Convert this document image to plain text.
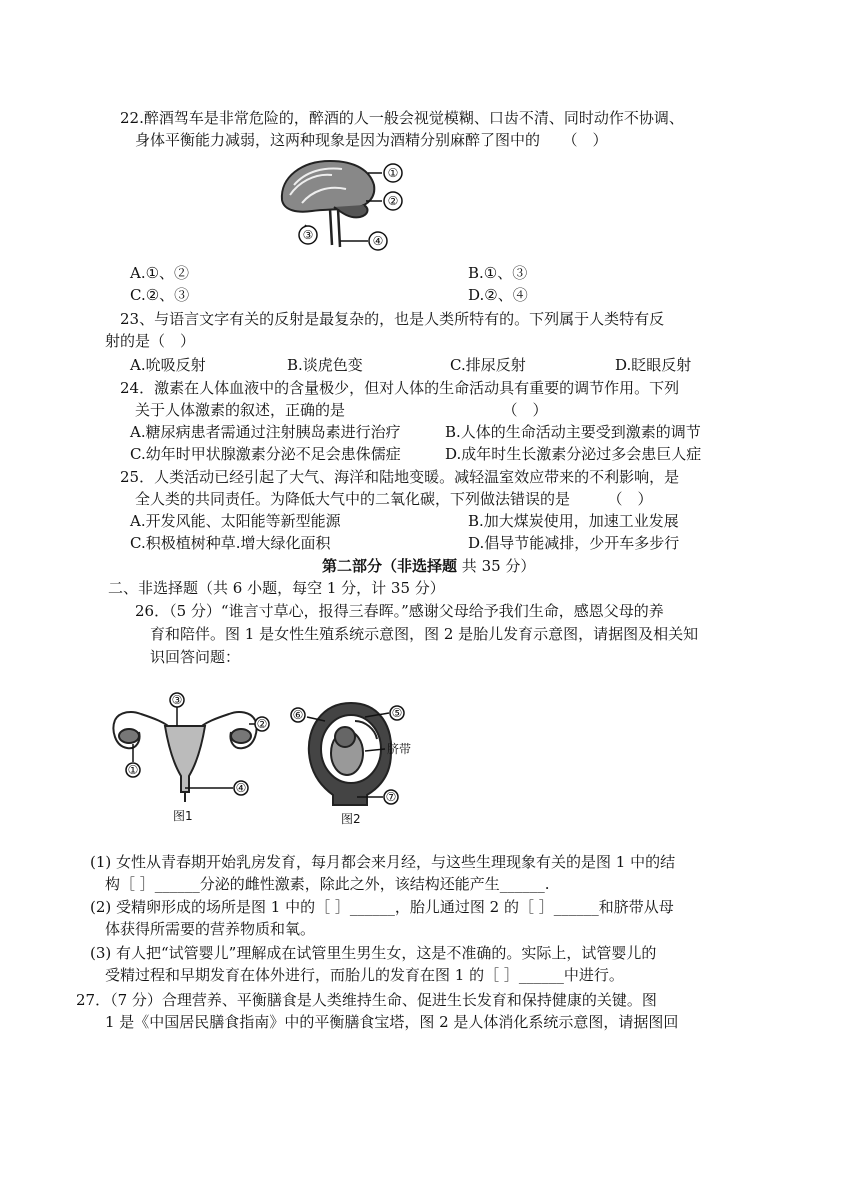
22.醉酒驾车是非常危险的，醉酒的人一般会视觉模糊、口齿不清、同时动作不协调、
身体平衡能力减弱，这两种现象是因为酒精分别麻醉了图中的　　（　）
①
②
③	④
A.①、②	B.①、③
C.②、③	D.②、④
23、与语言文字有关的反射是最复杂的，也是人类所特有的。下列属于人类特有反
射的是（　）
A.吮吸反射	B.谈虎色变	C.排尿反射	D.眨眼反射
24．激素在人体血液中的含量极少，但对人体的生命活动具有重要的调节作用。下列
关于人体激素的叙述，正确的是　　　　　　　　　　　（　）
A.糖尿病患者需通过注射胰岛素进行治疗	B.人体的生命活动主要受到激素的调节
C.幼年时甲状腺激素分泌不足会患侏儒症	D.成年时生长激素分泌过多会患巨人症
25．人类活动已经引起了大气、海洋和陆地变暖。减轻温室效应带来的不利影响，是
全人类的共同责任。为降低大气中的二氧化碳，下列做法错误的是　　　（　）
A.开发风能、太阳能等新型能源	B.加大煤炭使用，加速工业发展
C.积极植树种草.增大绿化面积	D.倡导节能减排，少开车多步行
第二部分（非选择题 共 35 分）
二、非选择题（共 6 小题，每空 1 分，计 35 分）
26．（5 分）“谁言寸草心，报得三春晖。”感谢父母给予我们生命，感恩父母的养
育和陪伴。图 1 是女性生殖系统示意图，图 2 是胎儿发育示意图，请据图及相关知
识回答问题：
③
②
①
④
图1
⑥	⑤
脐带
⑦
图2
(1) 女性从青春期开始乳房发育，每月都会来月经，与这些生理现象有关的是图 1 中的结
构［ ］______分泌的雌性激素，除此之外，该结构还能产生______.
(2) 受精卵形成的场所是图 1 中的［ ］______，胎儿通过图 2 的［ ］______和脐带从母
体获得所需要的营养物质和氧。
(3) 有人把“试管婴儿”理解成在试管里生男生女，这是不准确的。实际上，试管婴儿的
受精过程和早期发育在体外进行，而胎儿的发育在图 1 的［ ］______中进行。
27．（7 分）合理营养、平衡膳食是人类维持生命、促进生长发育和保持健康的关键。图
1 是《中国居民膳食指南》中的平衡膳食宝塔，图 2 是人体消化系统示意图，请据图回
